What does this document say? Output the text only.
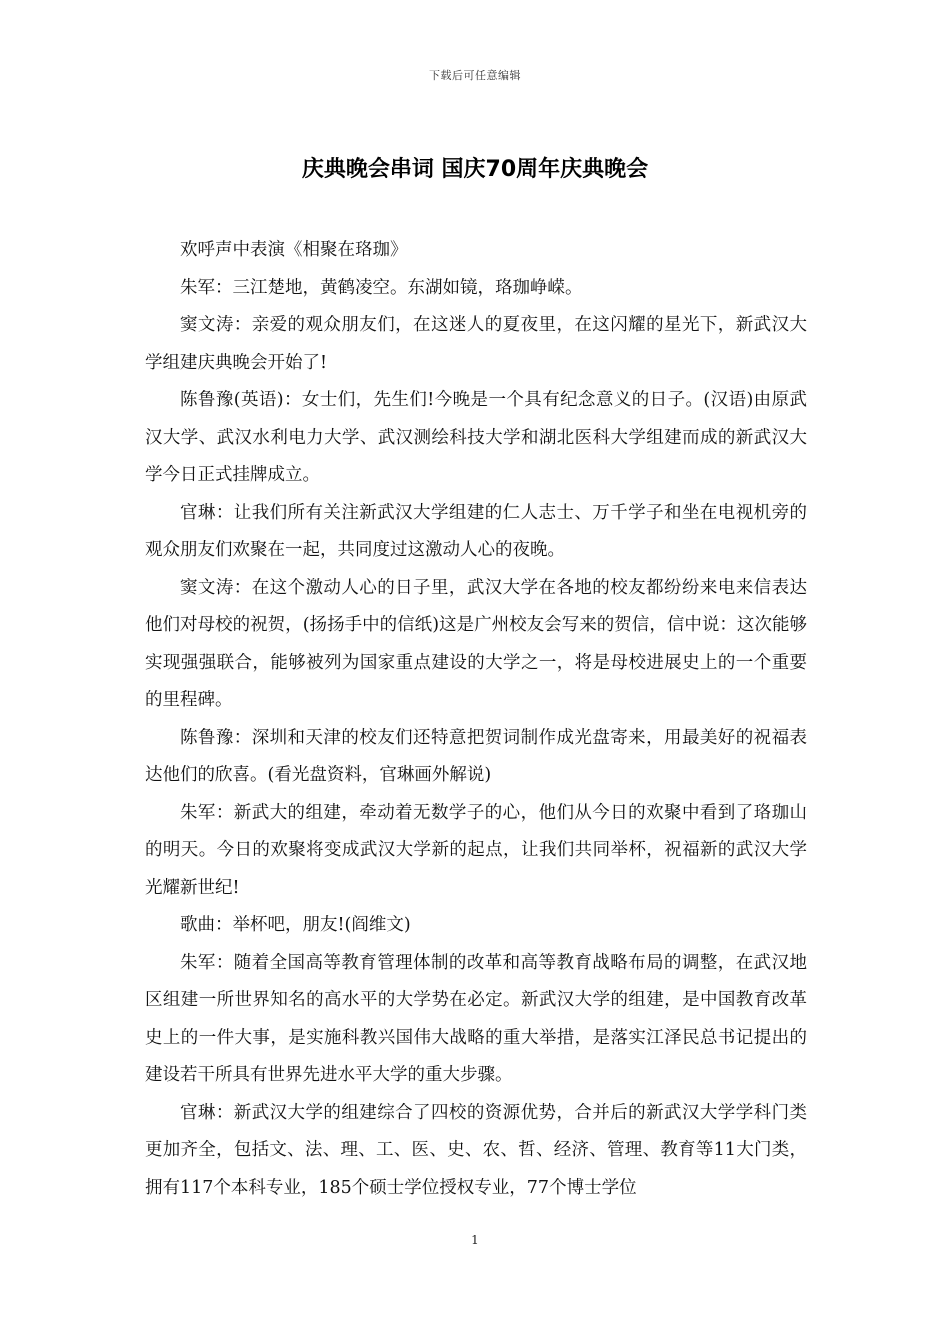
下载后可任意编辑
庆典晚会串词 国庆70周年庆典晚会

欢呼声中表演《相聚在珞珈》

朱军：三江楚地，黄鹤凌空。东湖如镜，珞珈峥嵘。

窦文涛：亲爱的观众朋友们，在这迷人的夏夜里，在这闪耀的星光下，新武汉大学组建庆典晚会开始了!

陈鲁豫(英语)：女士们，先生们!今晚是一个具有纪念意义的日子。(汉语)由原武汉大学、武汉水利电力大学、武汉测绘科技大学和湖北医科大学组建而成的新武汉大学今日正式挂牌成立。

官琳：让我们所有关注新武汉大学组建的仁人志士、万千学子和坐在电视机旁的观众朋友们欢聚在一起，共同度过这激动人心的夜晚。

窦文涛：在这个激动人心的日子里，武汉大学在各地的校友都纷纷来电来信表达他们对母校的祝贺，(扬扬手中的信纸)这是广州校友会写来的贺信，信中说：这次能够实现强强联合，能够被列为国家重点建设的大学之一，将是母校进展史上的一个重要的里程碑。

陈鲁豫：深圳和天津的校友们还特意把贺词制作成光盘寄来，用最美好的祝福表达他们的欣喜。(看光盘资料，官琳画外解说)

朱军：新武大的组建，牵动着无数学子的心，他们从今日的欢聚中看到了珞珈山的明天。今日的欢聚将变成武汉大学新的起点，让我们共同举杯，祝福新的武汉大学光耀新世纪!

歌曲：举杯吧，朋友!(阎维文)

朱军：随着全国高等教育管理体制的改革和高等教育战略布局的调整，在武汉地区组建一所世界知名的高水平的大学势在必定。新武汉大学的组建，是中国教育改革史上的一件大事，是实施科教兴国伟大战略的重大举措，是落实江泽民总书记提出的建设若干所具有世界先进水平大学的重大步骤。

官琳：新武汉大学的组建综合了四校的资源优势，合并后的新武汉大学学科门类更加齐全，包括文、法、理、工、医、史、农、哲、经济、管理、教育等11大门类，拥有117个本科专业，185个硕士学位授权专业，77个博士学位

1
